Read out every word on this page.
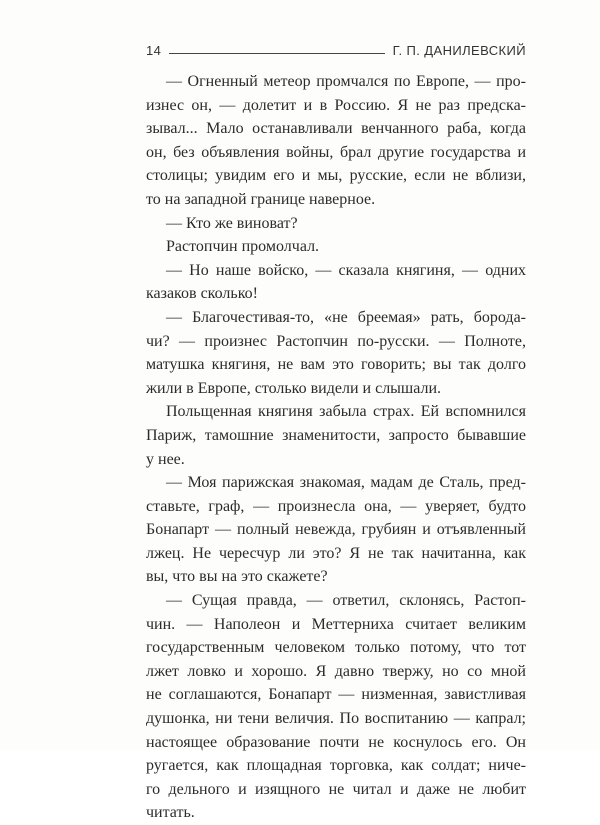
14	Г. П. ДАНИЛЕВСКИЙ
— Огненный метеор промчался по Европе, — про-
изнес он, — долетит и в Россию. Я не раз предска-
зывал... Мало останавливали венчанного раба, когда
он, без объявления войны, брал другие государства и
столицы; увидим его и мы, русские, если не вблизи,
то на западной границе наверное.
— Кто же виноват?
Растопчин промолчал.
— Но наше войско, — сказала княгиня, — одних
казаков сколько!
— Благочестивая-то, «не бреемая» рать, борода-
чи? — произнес Растопчин по-русски. — Полноте,
матушка княгиня, не вам это говорить; вы так долго
жили в Европе, столько видели и слышали.
Польщенная княгиня забыла страх. Ей вспомнился
Париж, тамошние знаменитости, запросто бывавшие
у нее.
— Моя парижская знакомая, мадам де Сталь, пред-
ставьте, граф, — произнесла она, — уверяет, будто
Бонапарт — полный невежда, грубиян и отъявленный
лжец. Не чересчур ли это? Я не так начитанна, как
вы, что вы на это скажете?
— Сущая правда, — ответил, склонясь, Растоп-
чин. — Наполеон и Меттерниха считает великим
государственным человеком только потому, что тот
лжет ловко и хорошо. Я давно твержу, но со мной
не соглашаются, Бонапарт — низменная, завистливая
душонка, ни тени величия. По воспитанию — капрал;
настоящее образование почти не коснулось его. Он
ругается, как площадная торговка, как солдат; ниче-
го дельного и изящного не читал и даже не любит
читать.
